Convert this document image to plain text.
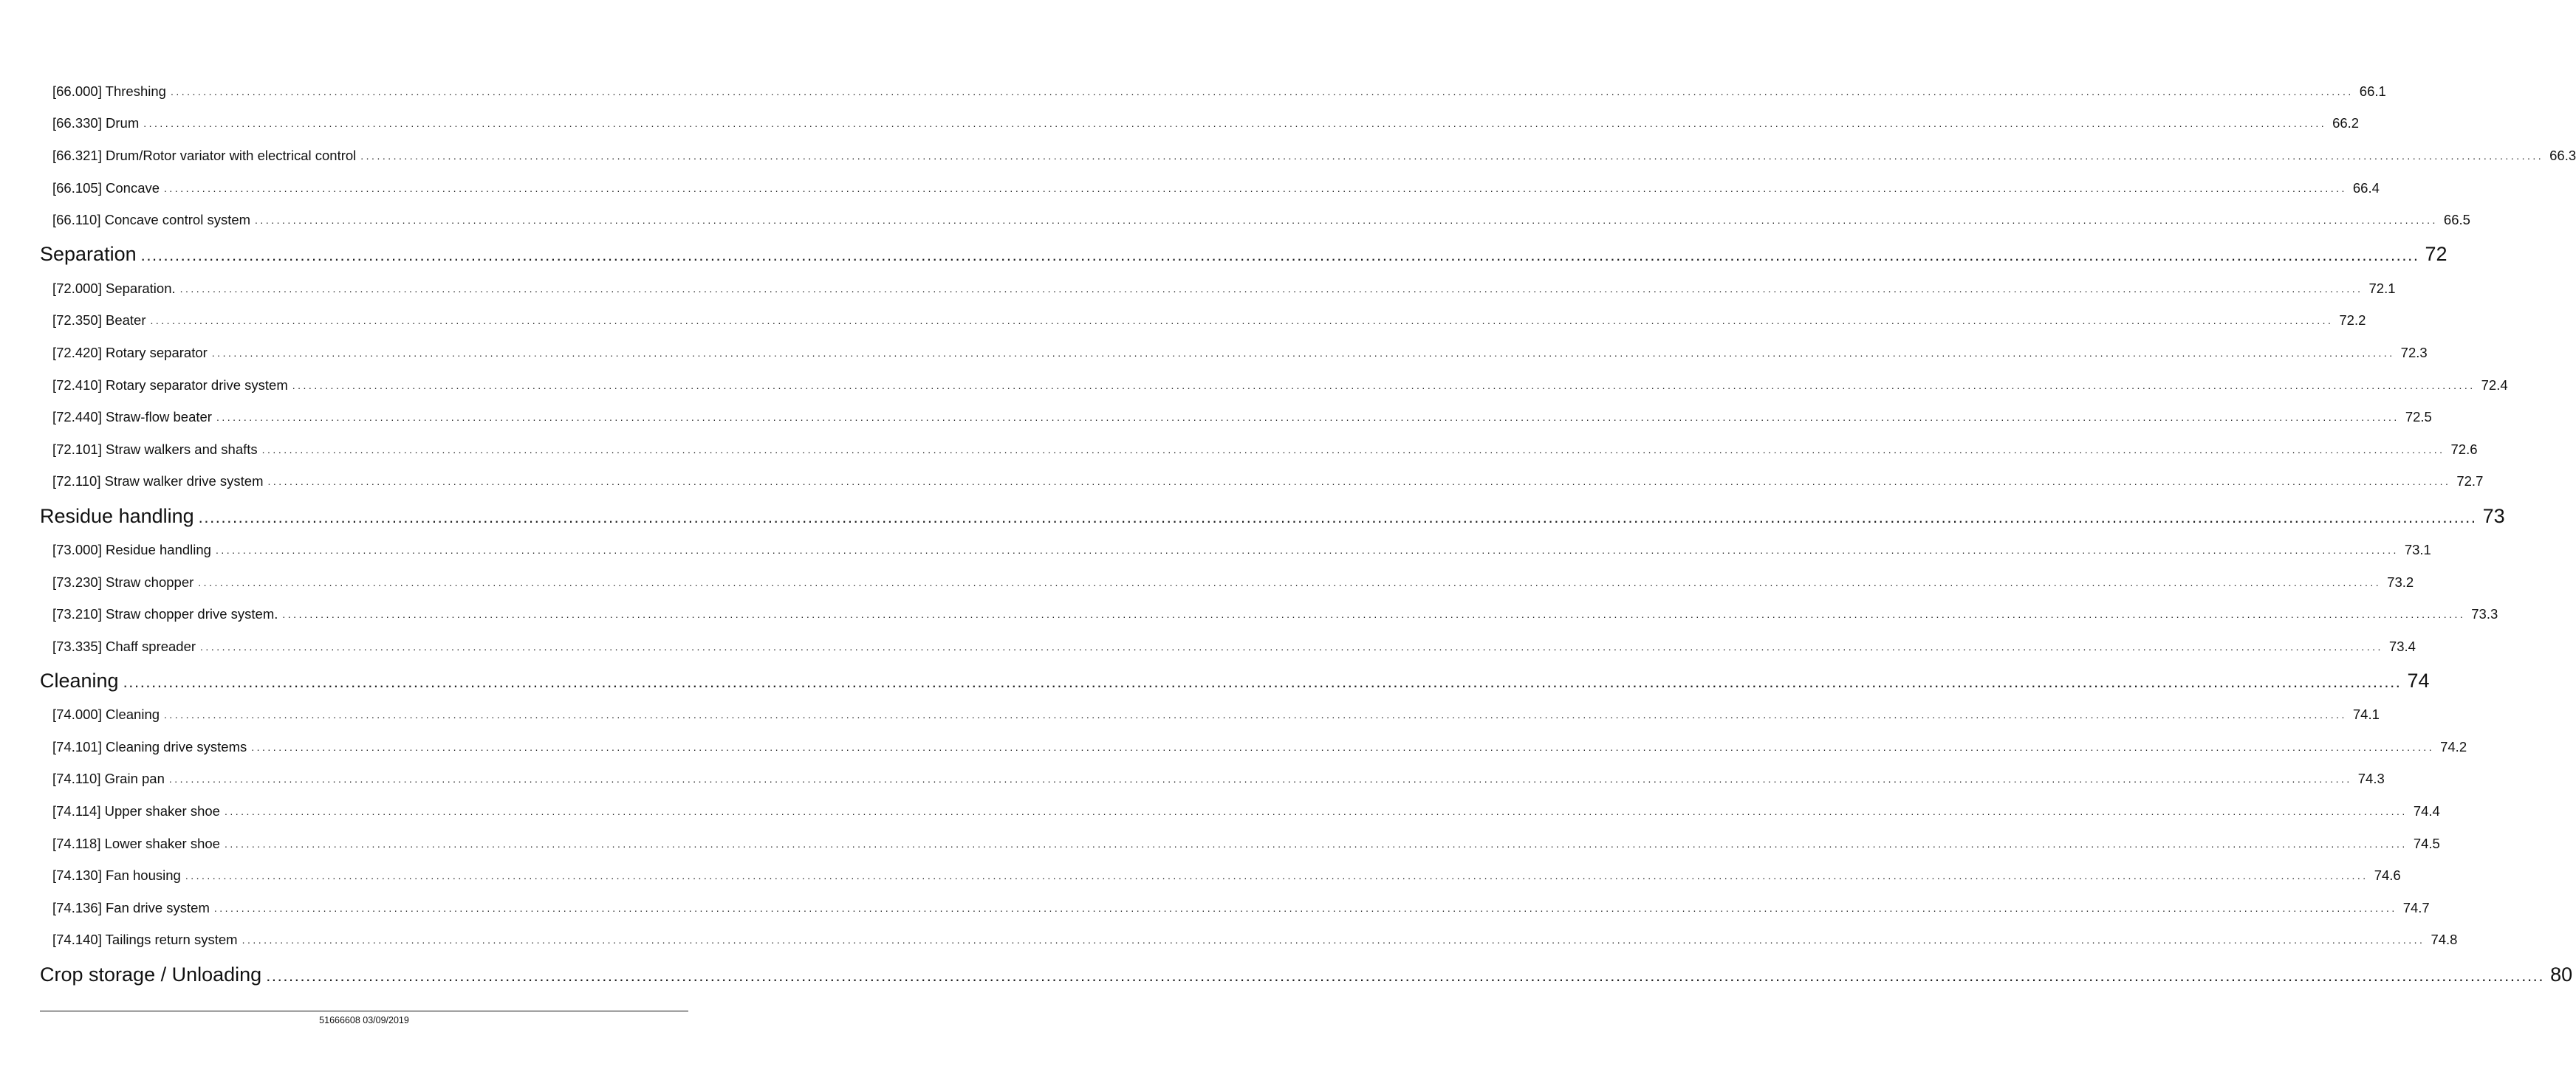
[66.000] Threshing ................................................................................................................................................................................................................................................................................................................................................................................................................ 66.1
[66.330] Drum ................................................................................................................................................................................................................................................................................................................................................................................................................ 66.2
[66.321] Drum/Rotor variator with electrical control ................................................................................................................................................................................................................................................................................................................................................................................................................ 66.3
[66.105] Concave ................................................................................................................................................................................................................................................................................................................................................................................................................ 66.4
[66.110] Concave control system ................................................................................................................................................................................................................................................................................................................................................................................................................ 66.5
Separation ................................................................................................................................................................................................................................................................................................................................................................................................................ 72
[72.000] Separation. ................................................................................................................................................................................................................................................................................................................................................................................................................ 72.1
[72.350] Beater ................................................................................................................................................................................................................................................................................................................................................................................................................ 72.2
[72.420] Rotary separator ................................................................................................................................................................................................................................................................................................................................................................................................................ 72.3
[72.410] Rotary separator drive system ................................................................................................................................................................................................................................................................................................................................................................................................................ 72.4
[72.440] Straw-flow beater ................................................................................................................................................................................................................................................................................................................................................................................................................ 72.5
[72.101] Straw walkers and shafts ................................................................................................................................................................................................................................................................................................................................................................................................................ 72.6
[72.110] Straw walker drive system ................................................................................................................................................................................................................................................................................................................................................................................................................ 72.7
Residue handling ................................................................................................................................................................................................................................................................................................................................................................................................................ 73
[73.000] Residue handling ................................................................................................................................................................................................................................................................................................................................................................................................................ 73.1
[73.230] Straw chopper ................................................................................................................................................................................................................................................................................................................................................................................................................ 73.2
[73.210] Straw chopper drive system. ................................................................................................................................................................................................................................................................................................................................................................................................................ 73.3
[73.335] Chaff spreader ................................................................................................................................................................................................................................................................................................................................................................................................................ 73.4
Cleaning ................................................................................................................................................................................................................................................................................................................................................................................................................ 74
[74.000] Cleaning ................................................................................................................................................................................................................................................................................................................................................................................................................ 74.1
[74.101] Cleaning drive systems ................................................................................................................................................................................................................................................................................................................................................................................................................ 74.2
[74.110] Grain pan ................................................................................................................................................................................................................................................................................................................................................................................................................ 74.3
[74.114] Upper shaker shoe ................................................................................................................................................................................................................................................................................................................................................................................................................ 74.4
[74.118] Lower shaker shoe ................................................................................................................................................................................................................................................................................................................................................................................................................ 74.5
[74.130] Fan housing ................................................................................................................................................................................................................................................................................................................................................................................................................ 74.6
[74.136] Fan drive system ................................................................................................................................................................................................................................................................................................................................................................................................................ 74.7
[74.140] Tailings return system ................................................................................................................................................................................................................................................................................................................................................................................................................ 74.8
Crop storage / Unloading ................................................................................................................................................................................................................................................................................................................................................................................................................ 80
51666608 03/09/2019
